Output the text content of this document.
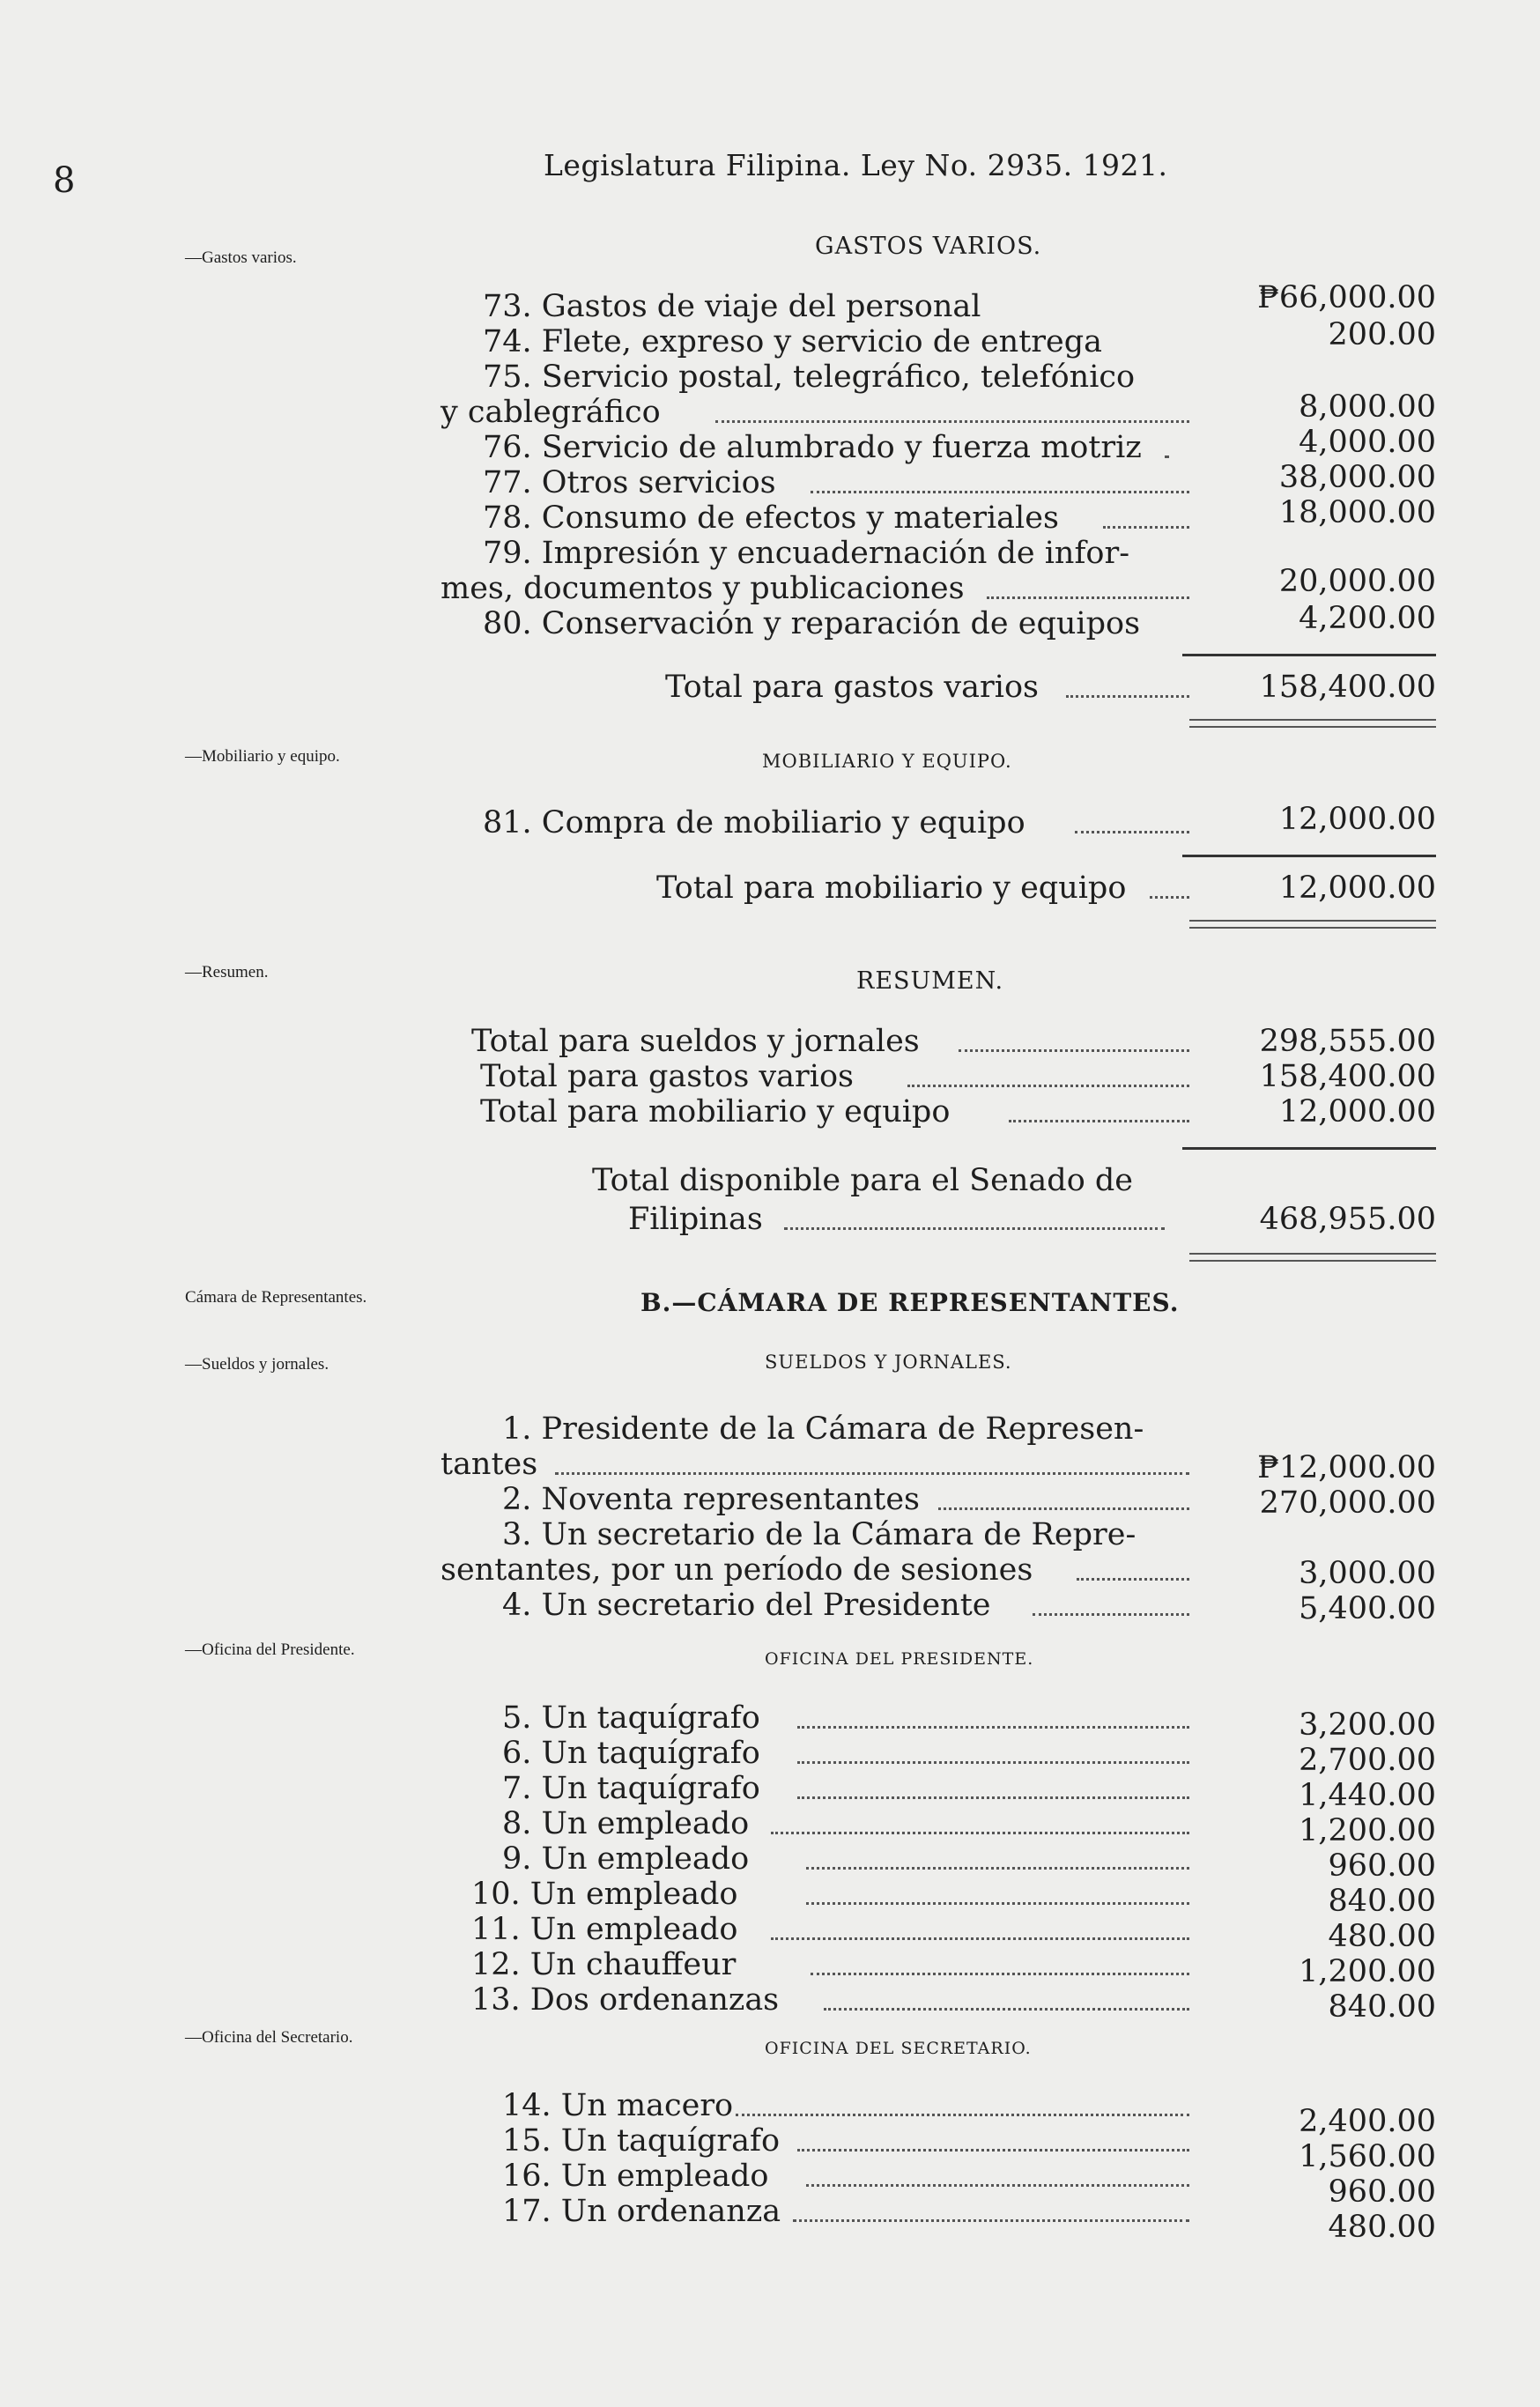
8	Legislatura Filipina. Ley No. 2935. 1921.
—Gastos varios.	GASTOS VARIOS.
73. Gastos de viaje del personal	₱66,000.00
74. Flete, expreso y servicio de entrega	200.00
75. Servicio postal, telegráfico, telefónico
y cablegráfico	8,000.00
76. Servicio de alumbrado y fuerza motriz	4,000.00
77. Otros servicios	38,000.00
78. Consumo de efectos y materiales	18,000.00
79. Impresión y encuadernación de infor-
mes, documentos y publicaciones	20,000.00
80. Conservación y reparación de equipos	4,200.00
Total para gastos varios	158,400.00
—Mobiliario y equipo.	MOBILIARIO Y EQUIPO.
81. Compra de mobiliario y equipo	12,000.00
Total para mobiliario y equipo	12,000.00
—Resumen.	RESUMEN.
Total para sueldos y jornales	298,555.00
Total para gastos varios	158,400.00
Total para mobiliario y equipo	12,000.00
Total disponible para el Senado de
Filipinas	468,955.00
Cámara de Representantes.	B.—CÁMARA DE REPRESENTANTES.
—Sueldos y jornales.	SUELDOS Y JORNALES.
1. Presidente de la Cámara de Represen-
tantes	₱12,000.00
2. Noventa representantes	270,000.00
3. Un secretario de la Cámara de Repre-
sentantes, por un período de sesiones	3,000.00
4. Un secretario del Presidente	5,400.00
—Oficina del Presidente.	OFICINA DEL PRESIDENTE.
5. Un taquígrafo	3,200.00
6. Un taquígrafo	2,700.00
7. Un taquígrafo	1,440.00
8. Un empleado	1,200.00
9. Un empleado	960.00
10. Un empleado	840.00
11. Un empleado	480.00
12. Un chauffeur	1,200.00
13. Dos ordenanzas	840.00
—Oficina del Secretario.
OFICINA DEL SECRETARIO.
14. Un macero	2,400.00
15. Un taquígrafo	1,560.00
16. Un empleado	960.00
17. Un ordenanza	480.00
